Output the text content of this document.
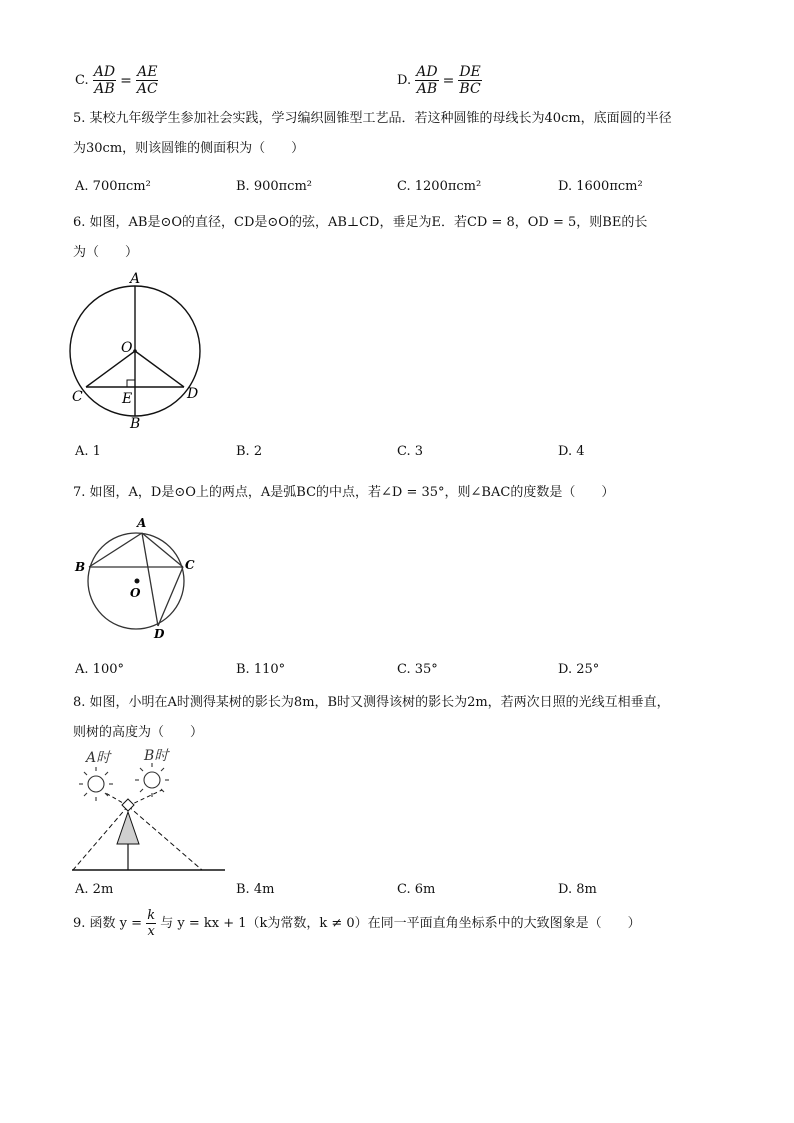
C. $\frac{AD}{AB} = \frac{AE}{AC}$	D. $\frac{AD}{AB} = \frac{DE}{BC}$
5. 某校九年级学生参加社会实践，学习编织圆锥型工艺品．若这种圆锥的母线长为40cm，底面圆的半径
为30cm，则该圆锥的侧面积为（　　）
A. 700πcm²	B. 900πcm²	C. 1200πcm²	D. 1600πcm²
6. 如图，AB是⊙O的直径，CD是⊙O的弦，AB⊥CD，垂足为E．若CD = 8，OD = 5，则BE的长
为（　　）
A
O
C	D
E
B
A. 1	B. 2	C. 3	D. 4
7. 如图，A，D是⊙O上的两点，A是弧BC的中点，若∠D = 35°，则∠BAC的度数是（　　）
A
B	C
O
D
A. 100°	B. 110°	C. 35°	D. 25°
8. 如图，小明在A时测得某树的影长为8m，B时又测得该树的影长为2m，若两次日照的光线互相垂直，
则树的高度为（　　）
A时 B时
A. 2m	B. 4m	C. 6m	D. 8m
9. 函数 $y = \frac{k}{x}$ 与 y = kx + 1（k为常数，k ≠ 0）在同一平面直角坐标系中的大致图象是（　　）
